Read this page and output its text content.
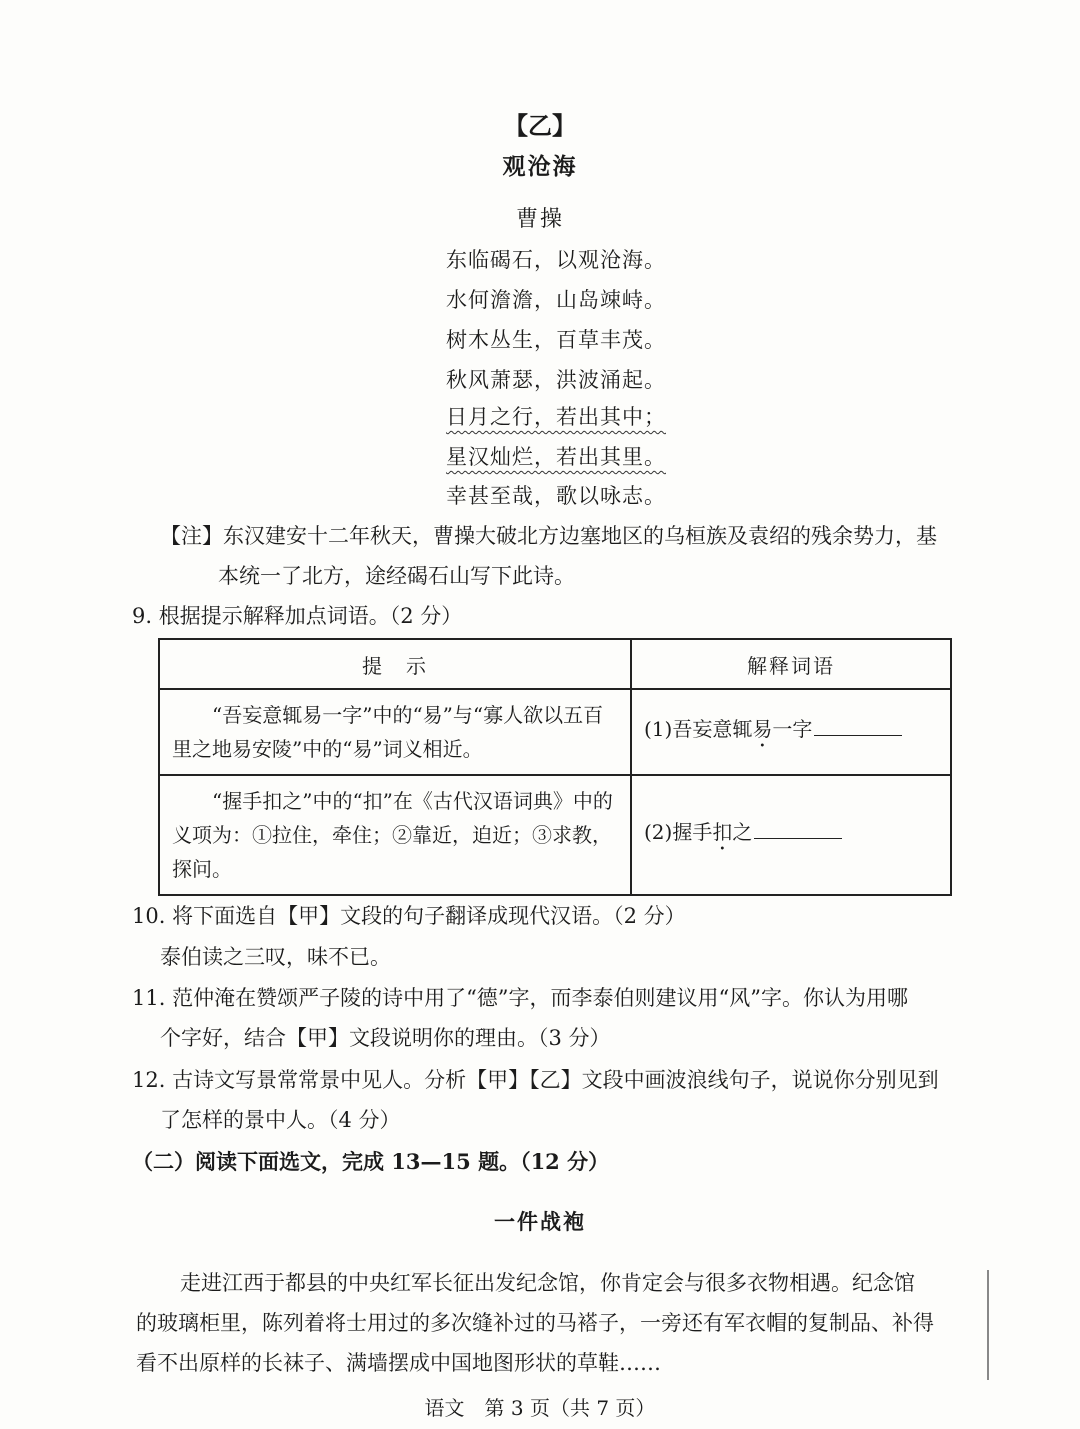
【乙】
观沧海
曹操
东临碣石，以观沧海。
水何澹澹，山岛竦峙。
树木丛生，百草丰茂。
秋风萧瑟，洪波涌起。
日月之行，若出其中；
星汉灿烂，若出其里。
幸甚至哉，歌以咏志。
【注】东汉建安十二年秋天，曹操大破北方边塞地区的乌桓族及袁绍的残余势力，基
本统一了北方，途经碣石山写下此诗。
9. 根据提示解释加点词语。（2 分）
提　示	解释词语
“吾妄意辄易一字”中的“易”与“寡人欲以五百里之地易安陵”中的“易”词义相近。	(1)吾妄意辄易一字
“握手扣之”中的“扣”在《古代汉语词典》中的义项为：①拉住，牵住；②靠近，迫近；③求教，探问。	(2)握手扣之
10. 将下面选自【甲】文段的句子翻译成现代汉语。（2 分）
泰伯读之三叹，味不已。
11. 范仲淹在赞颂严子陵的诗中用了“德”字，而李泰伯则建议用“风”字。你认为用哪
个字好，结合【甲】文段说明你的理由。（3 分）
12. 古诗文写景常常景中见人。分析【甲】【乙】文段中画波浪线句子，说说你分别见到
了怎样的景中人。（4 分）
（二）阅读下面选文，完成 13—15 题。（12 分）
一件战袍
走进江西于都县的中央红军长征出发纪念馆，你肯定会与很多衣物相遇。纪念馆
的玻璃柜里，陈列着将士用过的多次缝补过的马褡子，一旁还有军衣帽的复制品、补得
看不出原样的长袜子、满墙摆成中国地图形状的草鞋……
语文　第 3 页（共 7 页）
